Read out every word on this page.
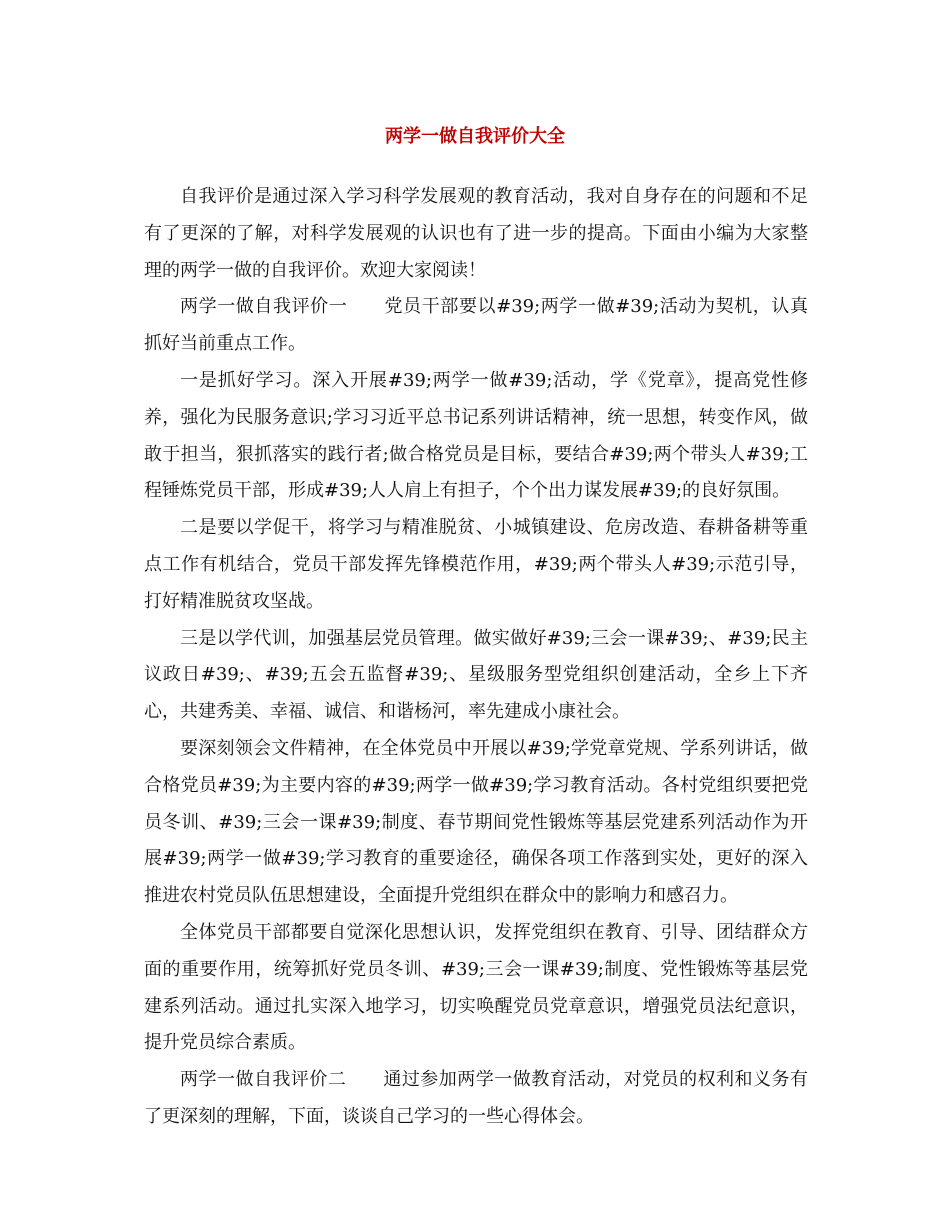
两学一做自我评价大全

自我评价是通过深入学习科学发展观的教育活动，我对自身存在的问题和不足有了更深的了解，对科学发展观的认识也有了进一步的提高。下面由小编为大家整理的两学一做的自我评价。欢迎大家阅读！

两学一做自我评价一　　党员干部要以#39;两学一做#39;活动为契机，认真抓好当前重点工作。

一是抓好学习。深入开展#39;两学一做#39;活动，学《党章》，提高党性修养，强化为民服务意识;学习习近平总书记系列讲话精神，统一思想，转变作风，做敢于担当，狠抓落实的践行者;做合格党员是目标，要结合#39;两个带头人#39;工程锤炼党员干部，形成#39;人人肩上有担子，个个出力谋发展#39;的良好氛围。

二是要以学促干，将学习与精准脱贫、小城镇建设、危房改造、春耕备耕等重点工作有机结合，党员干部发挥先锋模范作用，#39;两个带头人#39;示范引导，打好精准脱贫攻坚战。

三是以学代训，加强基层党员管理。做实做好#39;三会一课#39;、#39;民主议政日#39;、#39;五会五监督#39;、星级服务型党组织创建活动，全乡上下齐心，共建秀美、幸福、诚信、和谐杨河，率先建成小康社会。

要深刻领会文件精神，在全体党员中开展以#39;学党章党规、学系列讲话，做合格党员#39;为主要内容的#39;两学一做#39;学习教育活动。各村党组织要把党员冬训、#39;三会一课#39;制度、春节期间党性锻炼等基层党建系列活动作为开展#39;两学一做#39;学习教育的重要途径，确保各项工作落到实处，更好的深入推进农村党员队伍思想建设，全面提升党组织在群众中的影响力和感召力。

全体党员干部都要自觉深化思想认识，发挥党组织在教育、引导、团结群众方面的重要作用，统筹抓好党员冬训、#39;三会一课#39;制度、党性锻炼等基层党建系列活动。通过扎实深入地学习，切实唤醒党员党章意识，增强党员法纪意识，提升党员综合素质。

两学一做自我评价二　　通过参加两学一做教育活动，对党员的权利和义务有了更深刻的理解，下面，谈谈自己学习的一些心得体会。
